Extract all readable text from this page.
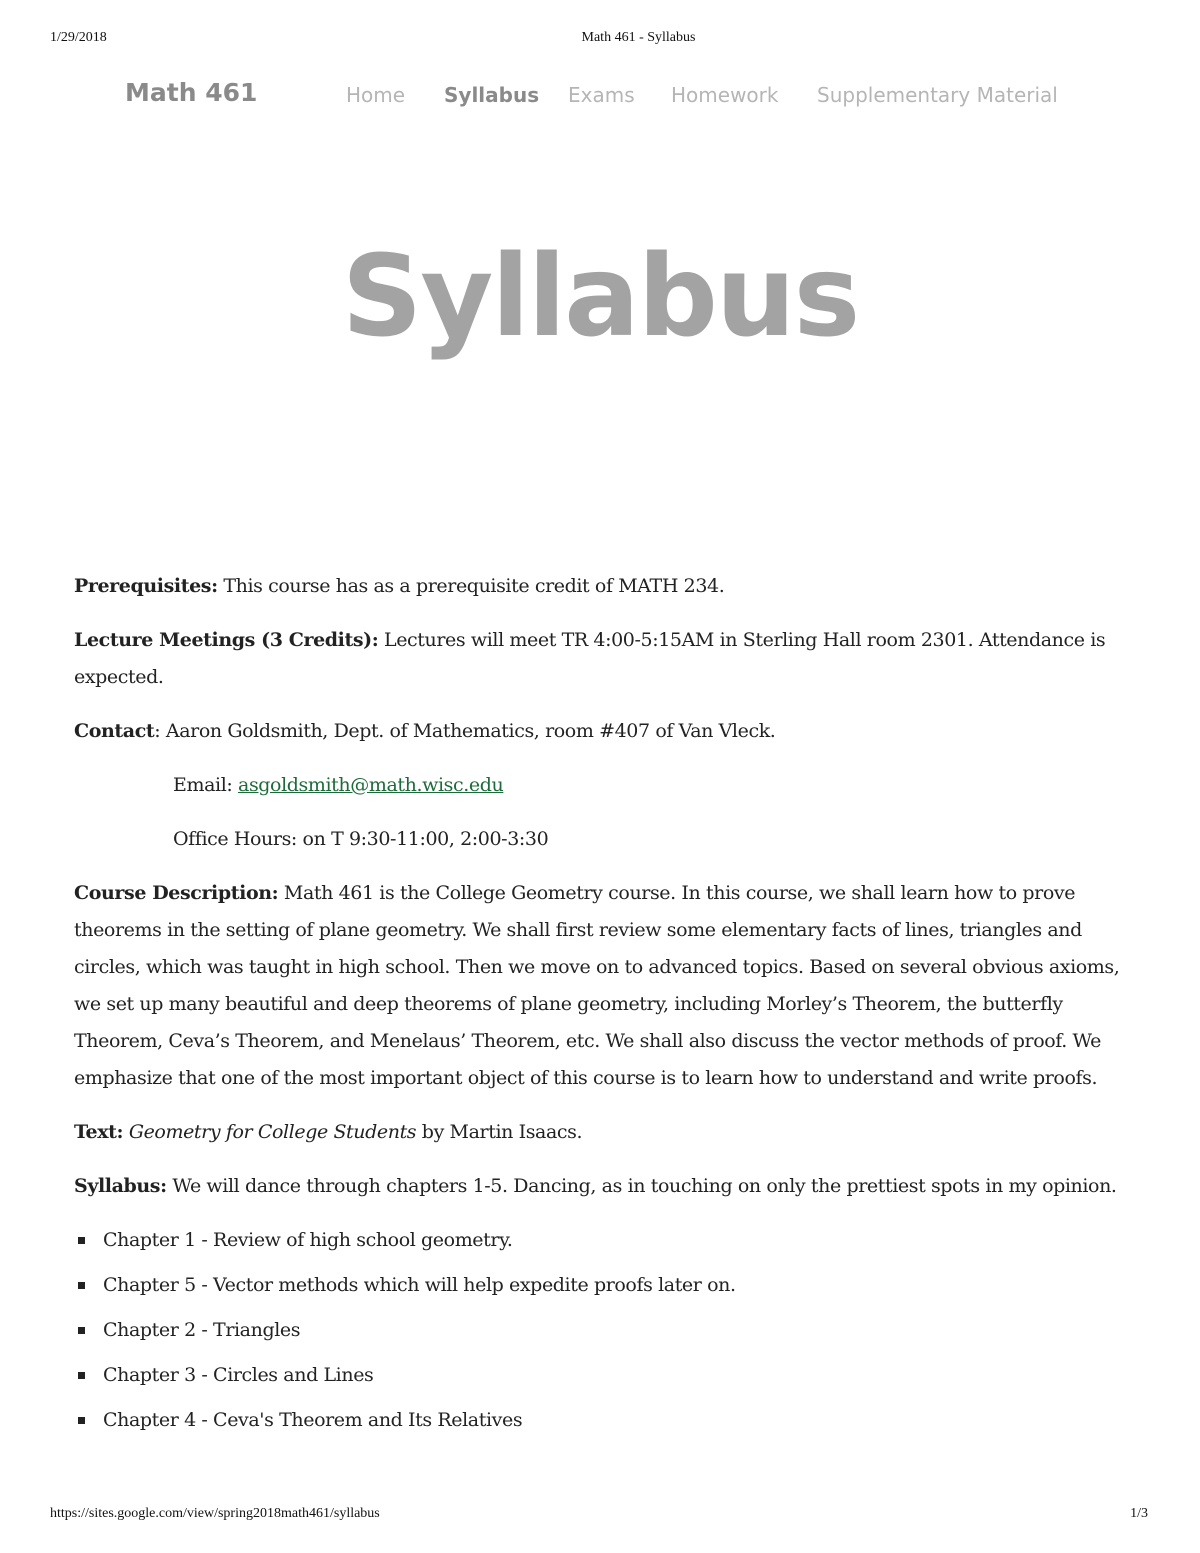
1/29/2018	Math 461 - Syllabus
Math 461	Home Syllabus Exams Homework Supplementary Material
Syllabus

Prerequisites: This course has as a prerequisite credit of MATH 234.

Lecture Meetings (3 Credits): Lectures will meet TR 4:00-5:15AM in Sterling Hall room 2301. Attendance is expected.

Contact: Aaron Goldsmith, Dept. of Mathematics, room #407 of Van Vleck.

Email: asgoldsmith@math.wisc.edu

Office Hours: on T 9:30-11:00, 2:00-3:30

Course Description: Math 461 is the College Geometry course. In this course, we shall learn how to prove theorems in the setting of plane geometry. We shall first review some elementary facts of lines, triangles and circles, which was taught in high school. Then we move on to advanced topics. Based on several obvious axioms, we set up many beautiful and deep theorems of plane geometry, including Morley’s Theorem, the butterfly Theorem, Ceva’s Theorem, and Menelaus’ Theorem, etc. We shall also discuss the vector methods of proof. We emphasize that one of the most important object of this course is to learn how to understand and write proofs.

Text: Geometry for College Students by Martin Isaacs.

Syllabus: We will dance through chapters 1-5. Dancing, as in touching on only the prettiest spots in my opinion.

Chapter 1 - Review of high school geometry.
Chapter 5 - Vector methods which will help expedite proofs later on.
Chapter 2 - Triangles
Chapter 3 - Circles and Lines
Chapter 4 - Ceva's Theorem and Its Relatives
https://sites.google.com/view/spring2018math461/syllabus	1/3
